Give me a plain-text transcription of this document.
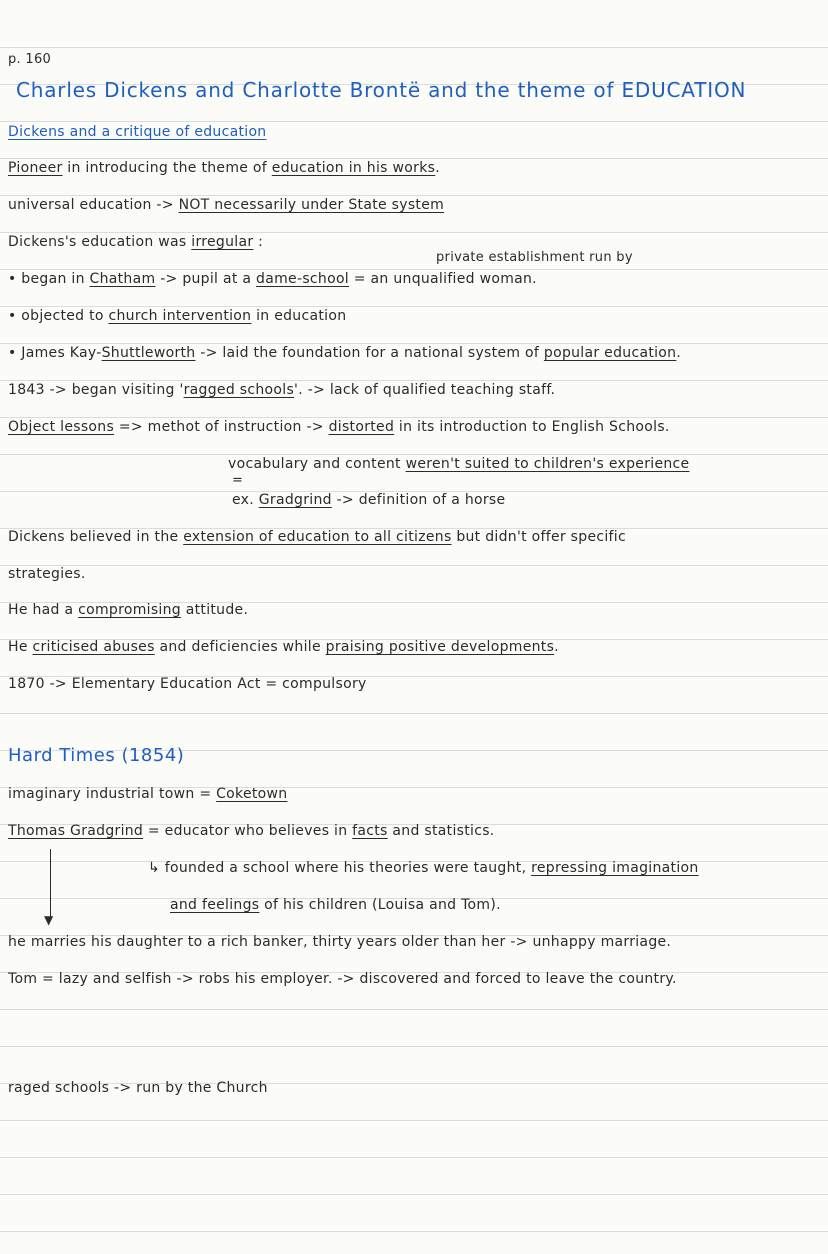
p. 160
Charles Dickens and Charlotte Brontë and the theme of EDUCATION
Dickens and a critique of education
Pioneer in introducing the theme of education in his works.
universal education -> NOT necessarily under State system
Dickens's education was irregular :
private establishment run by
• began in Chatham -> pupil at a dame-school = an unqualified woman.
• objected to church intervention in education
• James Kay-Shuttleworth -> laid the foundation for a national system of popular education.
1843 -> began visiting 'ragged schools'. -> lack of qualified teaching staff.
Object lessons => methot of instruction -> distorted in its introduction to English Schools.
vocabulary and content weren't suited to children's experience
=
ex. Gradgrind -> definition of a horse
Dickens believed in the extension of education to all citizens but didn't offer specific
strategies.
He had a compromising attitude.
He criticised abuses and deficiencies while praising positive developments.
1870 -> Elementary Education Act = compulsory
Hard Times (1854)
imaginary industrial town = Coketown
Thomas Gradgrind = educator who believes in facts and statistics.
↳ founded a school where his theories were taught, repressing imagination
and feelings of his children (Louisa and Tom).
▼
he marries his daughter to a rich banker, thirty years older than her -> unhappy marriage.
Tom = lazy and selfish -> robs his employer. -> discovered and forced to leave the country.
raged schools -> run by the Church
